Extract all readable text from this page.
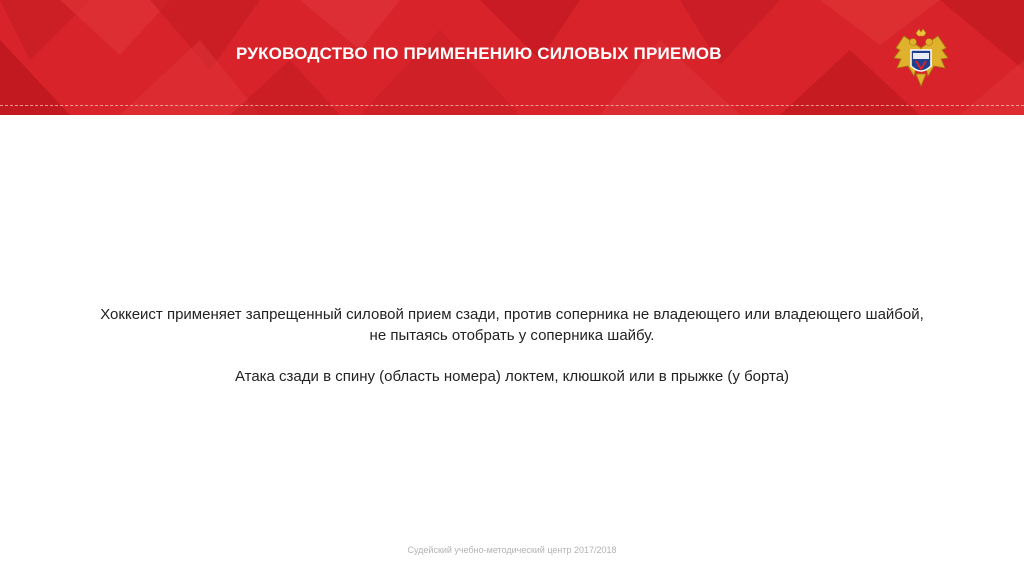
РУКОВОДСТВО ПО ПРИМЕНЕНИЮ СИЛОВЫХ ПРИЕМОВ

Хоккеист применяет запрещенный силовой прием сзади, против соперника не владеющего или владеющего шайбой,

не пытаясь отобрать у соперника шайбу.

Атака сзади в спину (область номера) локтем, клюшкой или в прыжке (у борта)

Судейский учебно-методический центр 2017/2018
